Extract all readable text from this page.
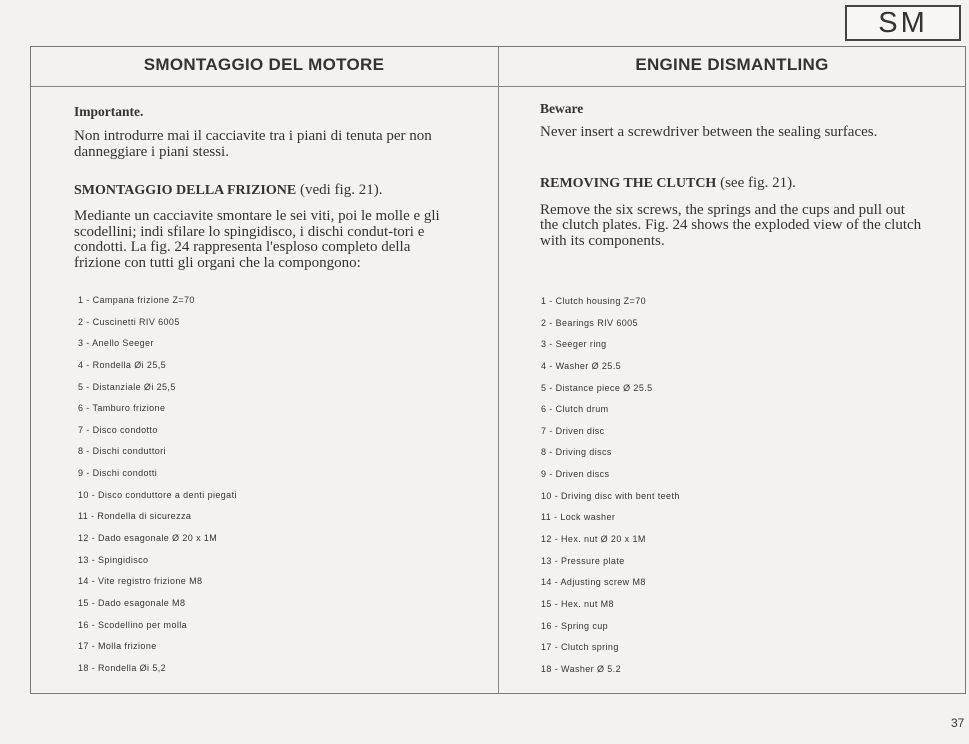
SM
SMONTAGGIO DEL MOTORE	ENGINE DISMANTLING

Importante.

Non introdurre mai il cacciavite tra i piani di tenuta per non danneggiare i piani stessi.

SMONTAGGIO DELLA FRIZIONE (vedi fig. 21).

Mediante un cacciavite smontare le sei viti, poi le molle e gli scodellini; indi sfilare lo spingidisco, i dischi condut-tori e condotti. La fig. 24 rappresenta l'esploso completo della frizione con tutti gli organi che la compongono:

1 - Campana frizione Z=70
2 - Cuscinetti RIV 6005
3 - Anello Seeger
4 - Rondella Øi 25,5
5 - Distanziale Øi 25,5
6 - Tamburo frizione
7 - Disco condotto
8 - Dischi conduttori
9 - Dischi condotti
10 - Disco conduttore a denti piegati
11 - Rondella di sicurezza
12 - Dado esagonale Ø 20 x 1M
13 - Spingidisco
14 - Vite registro frizione M8
15 - Dado esagonale M8
16 - Scodellino per molla
17 - Molla frizione
18 - Rondella Øi 5,2

Beware

Never insert a screwdriver between the sealing surfaces.

REMOVING THE CLUTCH (see fig. 21).

Remove the six screws, the springs and the cups and pull out the clutch plates. Fig. 24 shows the exploded view of the clutch with its components.

1 - Clutch housing Z=70
2 - Bearings RIV 6005
3 - Seeger ring
4 - Washer Ø 25.5
5 - Distance piece Ø 25.5
6 - Clutch drum
7 - Driven disc
8 - Driving discs
9 - Driven discs
10 - Driving disc with bent teeth
11 - Lock washer
12 - Hex. nut Ø 20 x 1M
13 - Pressure plate
14 - Adjusting screw M8
15 - Hex. nut M8
16 - Spring cup
17 - Clutch spring
18 - Washer Ø 5.2
37
